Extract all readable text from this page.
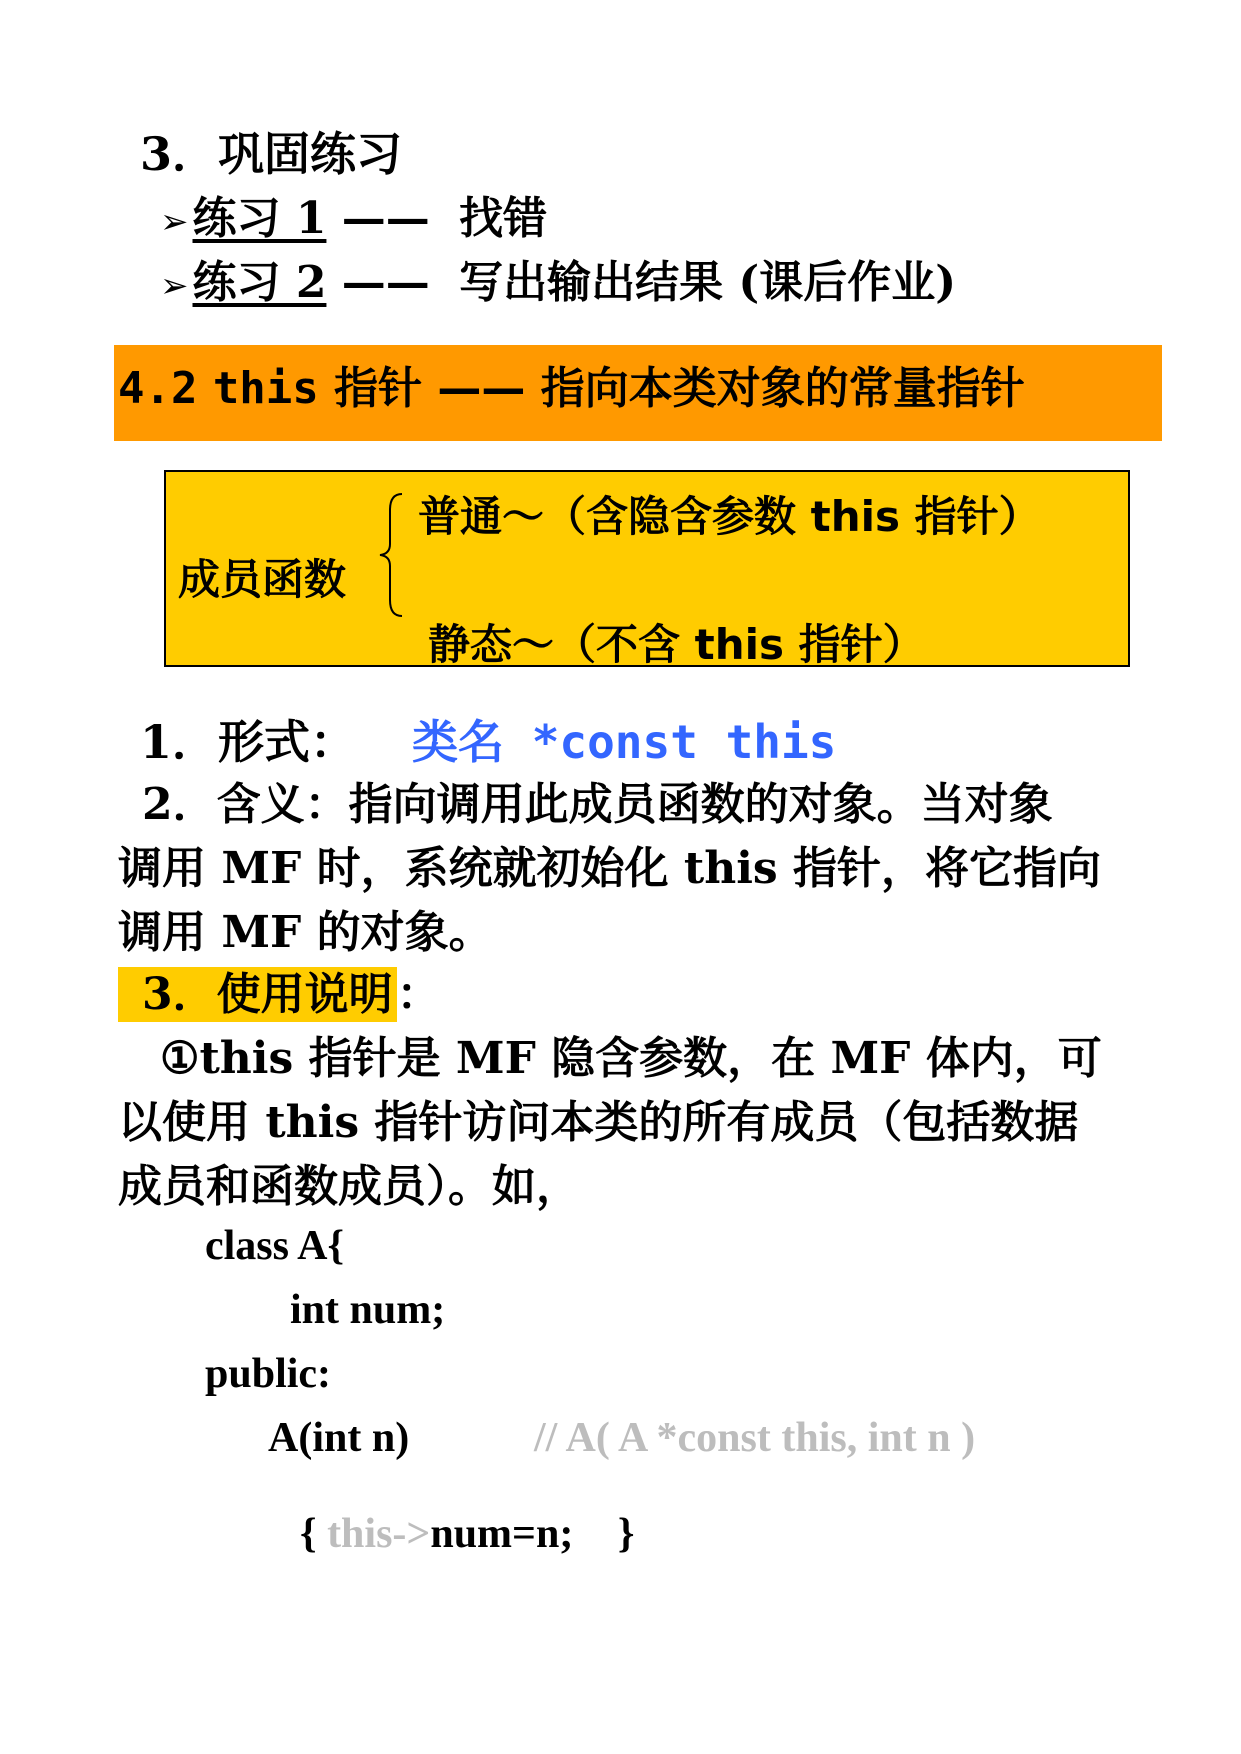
3．巩固练习
➢练习 1 —— 找错
➢练习 2 —— 写出输出结果 (课后作业)
4.2 this 指针 —— 指向本类对象的常量指针
成员函数
普通～（含隐含参数 this 指针）
静态～（不含 this 指针）
1．形式： 类名 *const this
2．含义：指向调用此成员函数的对象。当对象
调用 MF 时，系统就初始化 this 指针，将它指向
调用 MF 的对象。
3．使用说明：
①this 指针是 MF 隐含参数，在 MF 体内，可
以使用 this 指针访问本类的所有成员（包括数据
成员和函数成员）。如，
class A{
int num;
public:
A(int n)	// A( A *const this, int n )
{ this->num=n; }
